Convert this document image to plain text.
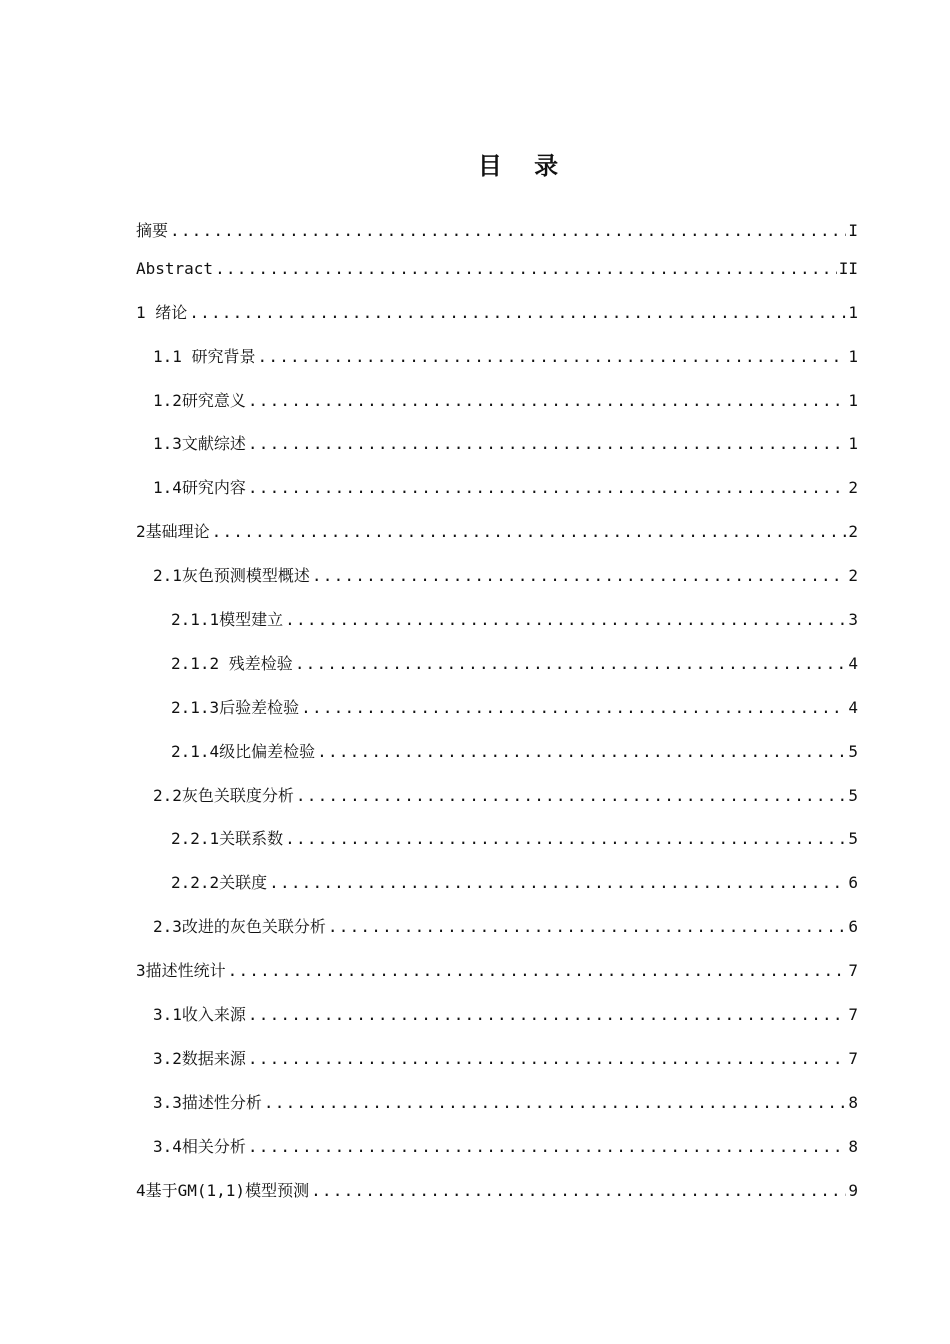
目 录
摘要 .....	I
Abstract .....	II
1 绪论 .....	1
1.1 研究背景 .....	1
1.2研究意义 .....	1
1.3文献综述 .....	1
1.4研究内容 .....	2
2基础理论 .....	2
2.1灰色预测模型概述 .....	2
2.1.1模型建立 .....	3
2.1.2 残差检验 .....	4
2.1.3后验差检验 .....	4
2.1.4级比偏差检验 .....	5
2.2灰色关联度分析 .....	5
2.2.1关联系数 .....	5
2.2.2关联度 .....	6
2.3改进的灰色关联分析 .....	6
3描述性统计 .....	7
3.1收入来源 .....	7
3.2数据来源 .....	7
3.3描述性分析 .....	8
3.4相关分析 .....	8
4基于GM(1,1)模型预测 .....	9
